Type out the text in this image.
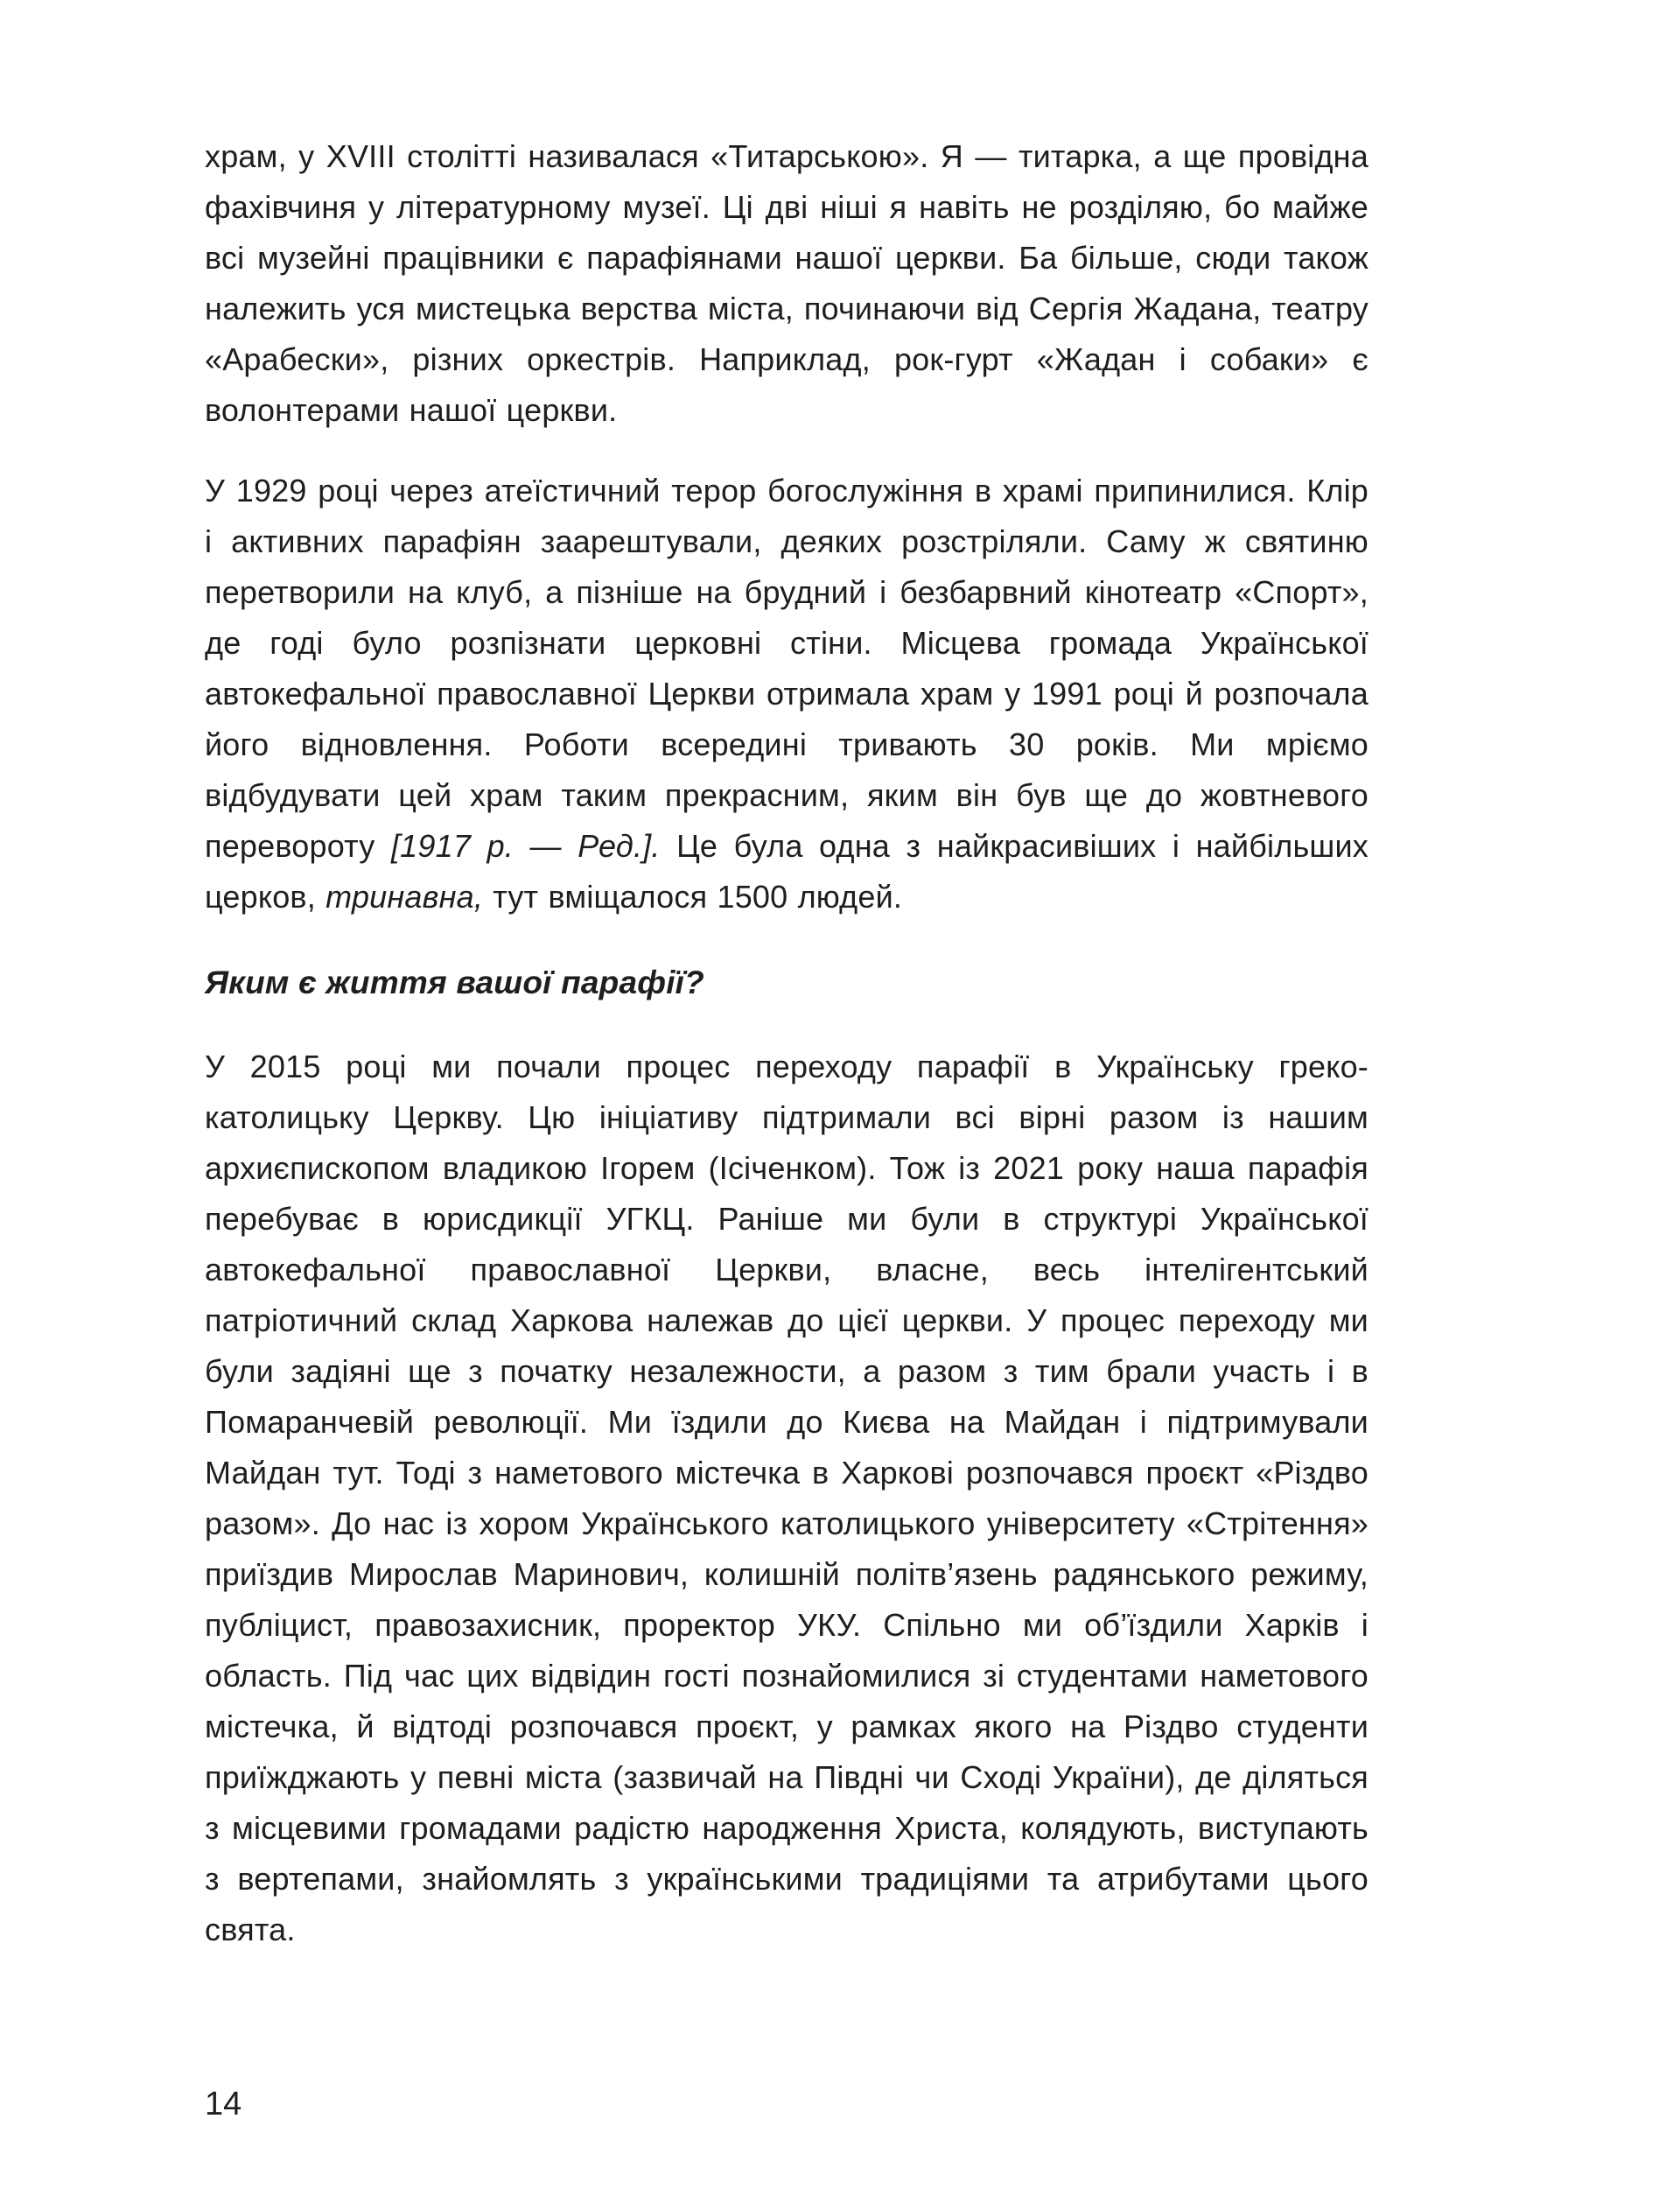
храм, у XVIII столітті називалася «Титарською». Я — титарка, а ще провідна фахівчиня у літературному музеї. Ці дві ніші я навіть не розділяю, бо майже всі музейні працівники є парафіянами нашої церкви. Ба більше, сюди також належить уся мистецька верства міста, починаючи від Сергія Жадана, театру «Арабески», різних оркестрів. Наприклад, рок-гурт «Жадан і собаки» є волонтерами нашої церкви.

У 1929 році через атеїстичний терор богослужіння в храмі припинилися. Клір і активних парафіян заарештували, деяких розстріляли. Саму ж святиню перетворили на клуб, а пізніше на брудний і безбарвний кінотеатр «Спорт», де годі було розпізнати церковні стіни. Місцева громада Української автокефальної православної Церкви отримала храм у 1991 році й розпочала його відновлення. Роботи всередині тривають 30 років. Ми мріємо відбудувати цей храм таким прекрасним, яким він був ще до жовтневого перевороту [1917 р. — Ред.]. Це була одна з найкрасивіших і найбільших церков, тринавна, тут вміщалося 1500 людей.

Яким є життя вашої парафії?

У 2015 році ми почали процес переходу парафії в Українську греко-католицьку Церкву. Цю ініціативу підтримали всі вірні разом із нашим архиєпископом владикою Ігорем (Ісіченком). Тож із 2021 року наша парафія перебуває в юрисдикції УГКЦ. Раніше ми були в структурі Української автокефальної православної Церкви, власне, весь інтелігентський патріотичний склад Харкова належав до цієї церкви. У процес переходу ми були задіяні ще з початку незалежности, а разом з тим брали участь і в Помаранчевій революції. Ми їздили до Києва на Майдан і підтримували Майдан тут. Тоді з наметового містечка в Харкові розпочався проєкт «Різдво разом». До нас із хором Українського католицького університету «Стрітення» приїздив Мирослав Маринович, колишній політв’язень радянського режиму, публіцист, правозахисник, проректор УКУ. Спільно ми об’їздили Харків і область. Під час цих відвідин гості познайомилися зі студентами наметового містечка, й відтоді розпочався проєкт, у рамках якого на Різдво студенти приїжджають у певні міста (зазвичай на Півдні чи Сході України), де діляться з місцевими громадами радістю народження Христа, колядують, виступають з вертепами, знайомлять з українськими традиціями та атрибутами цього свята.

14
